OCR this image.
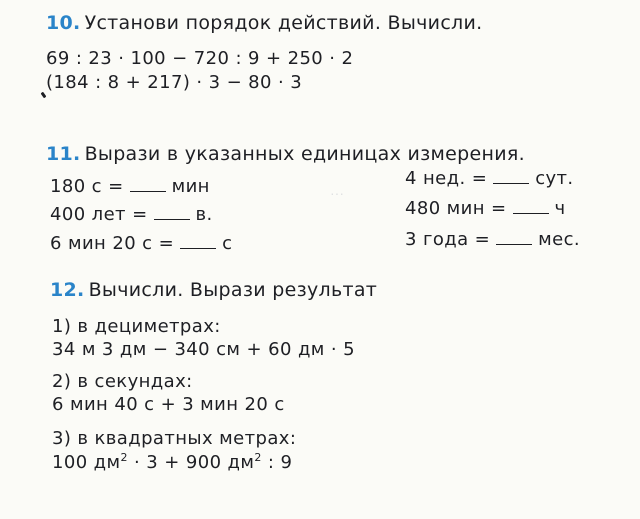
···
10. Установи порядок действий. Вычисли.
69 : 23 · 100 − 720 : 9 + 250 · 2
(184 : 8 + 217) · 3 − 80 · 3
11. Вырази в указанных единицах измерения.
180 с =	мин
400 лет =	в.
6 мин 20 с =	с
4 нед. =	сут.
480 мин =	ч
3 года =	мес.
12. Вычисли. Вырази результат
1) в дециметрах:
34 м 3 дм − 340 см + 60 дм · 5
2) в секундах:
6 мин 40 с + 3 мин 20 с
3) в квадратных метрах:
100 $дм^2 \cdot 3 + 900$ $дм^2$ : 9
